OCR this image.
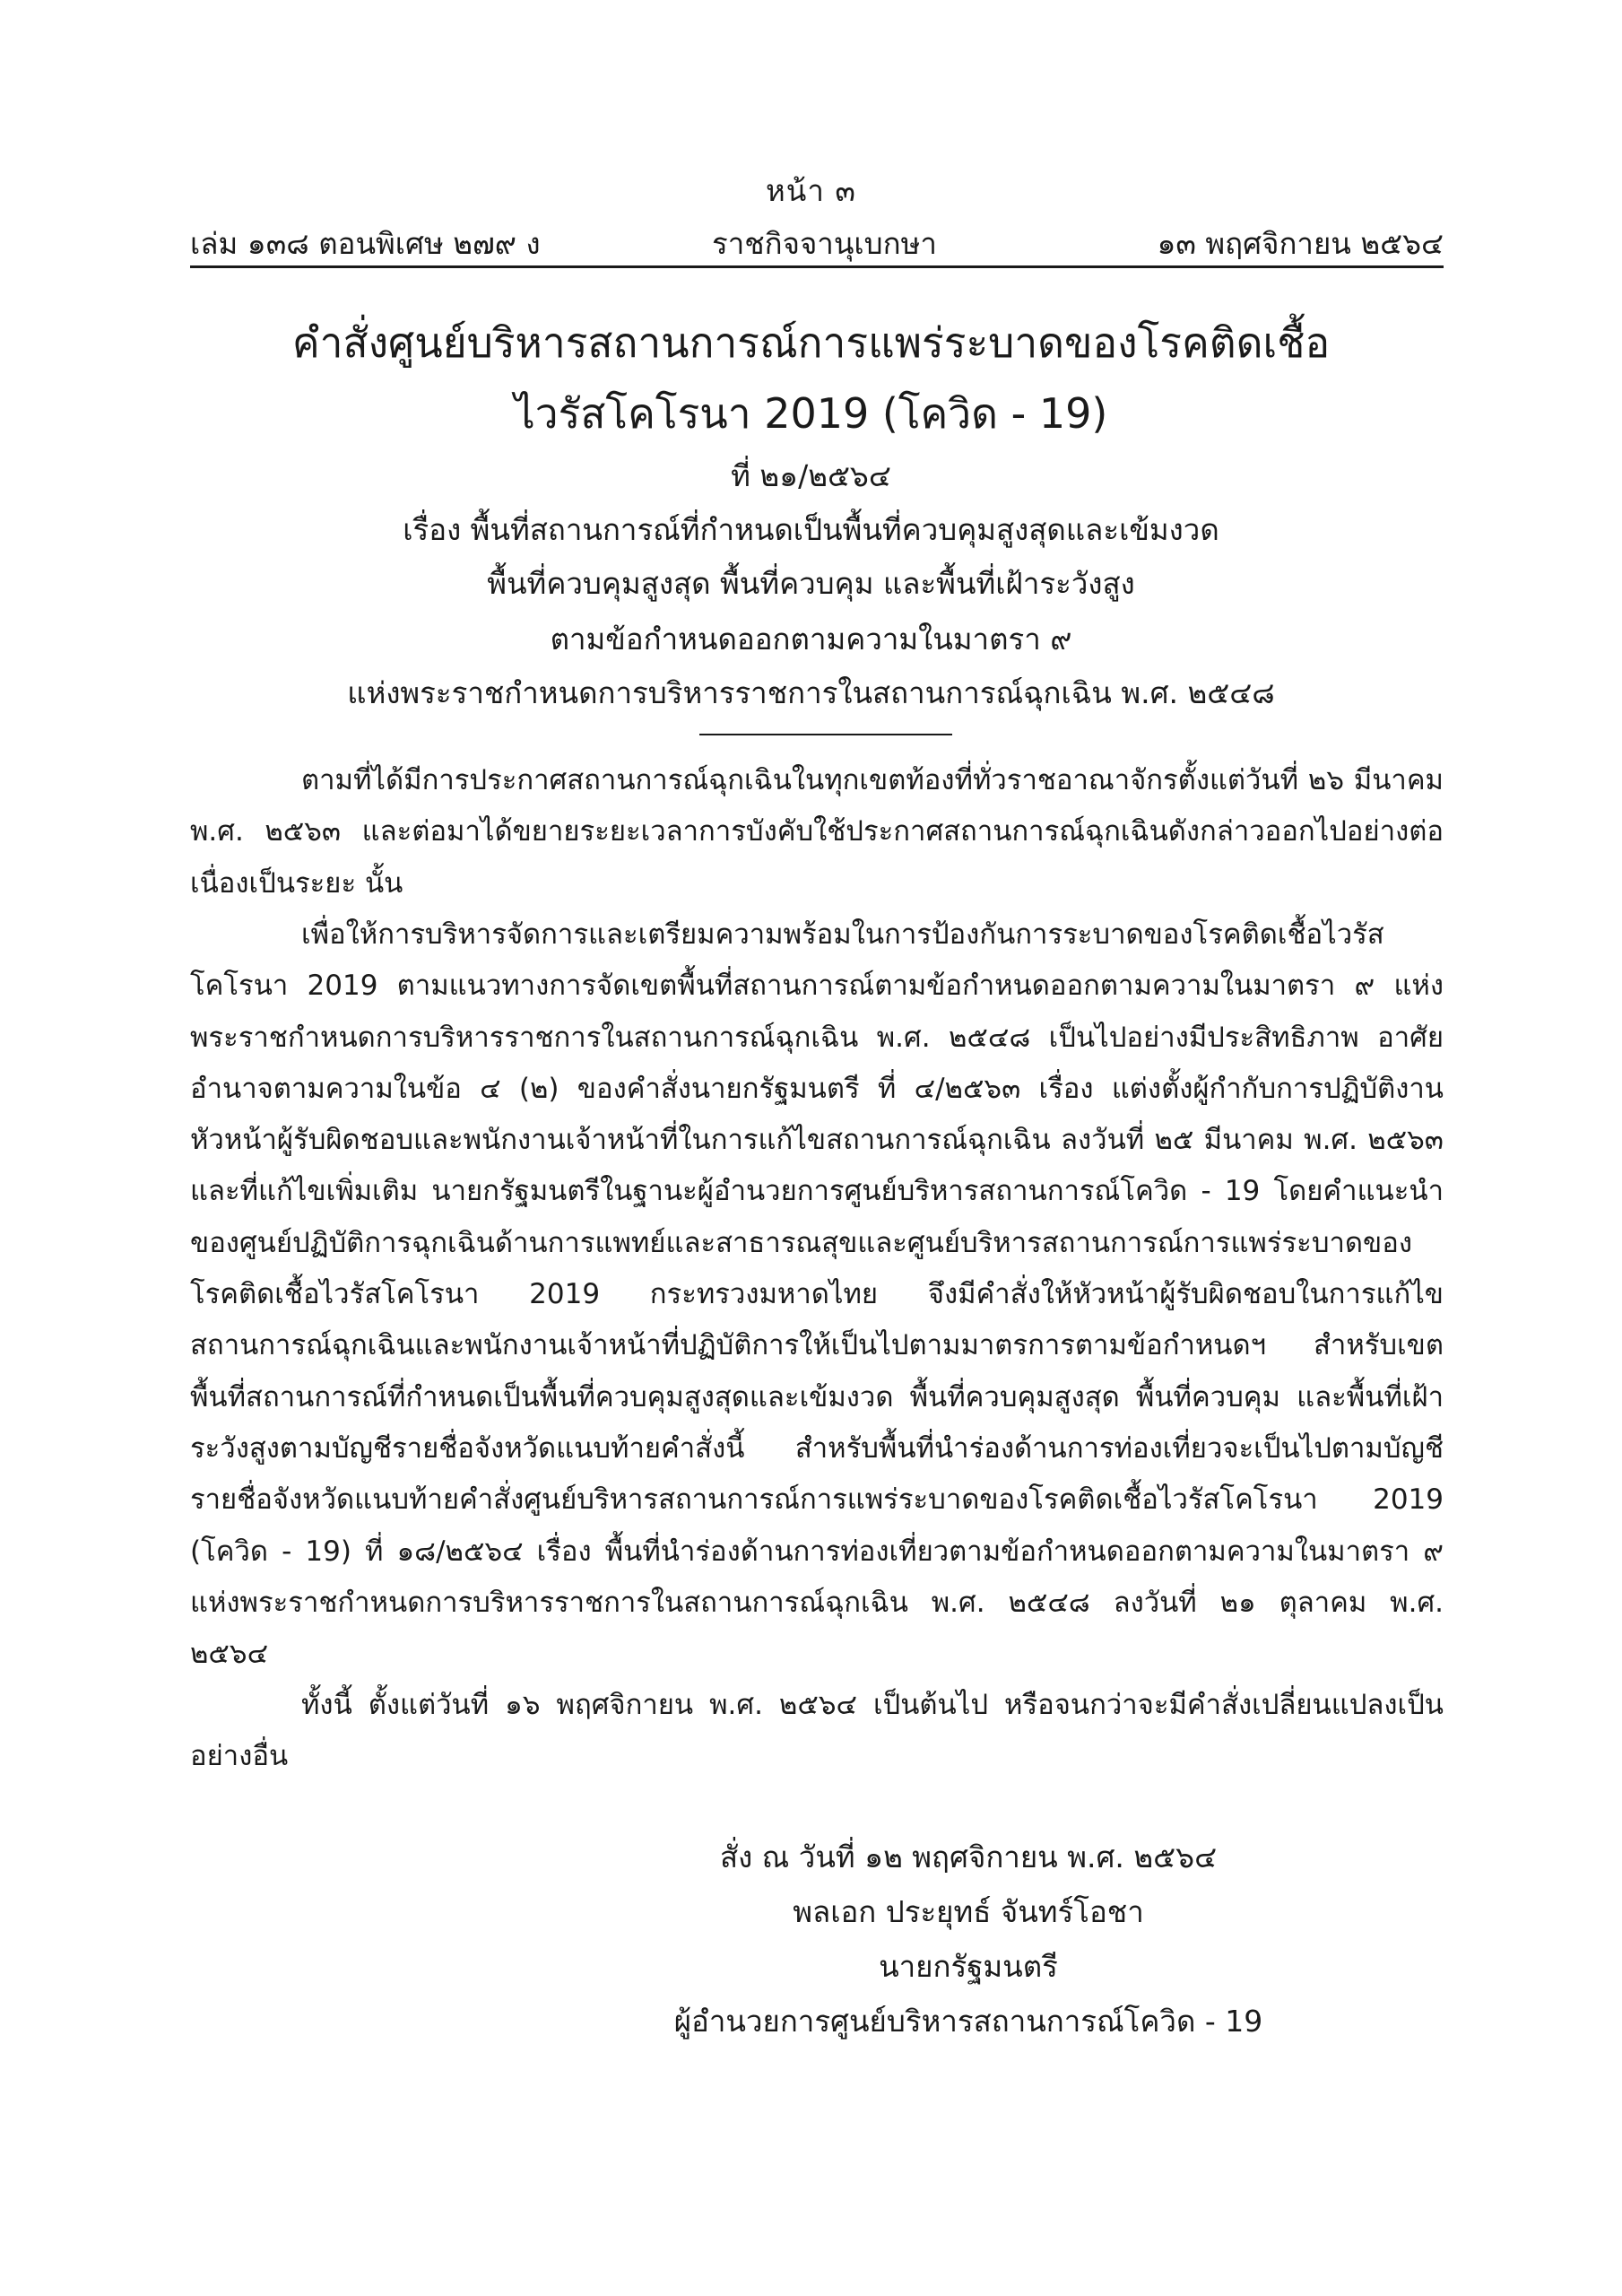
หน้า ๓
เล่ม ๑๓๘ ตอนพิเศษ ๒๗๙ ง	ราชกิจจานุเบกษา	๑๓ พฤศจิกายน ๒๕๖๔
คำสั่งศูนย์บริหารสถานการณ์การแพร่ระบาดของโรคติดเชื้อ
ไวรัสโคโรนา 2019 (โควิด - 19)
ที่ ๒๑/๒๕๖๔
เรื่อง พื้นที่สถานการณ์ที่กำหนดเป็นพื้นที่ควบคุมสูงสุดและเข้มงวด
พื้นที่ควบคุมสูงสุด พื้นที่ควบคุม และพื้นที่เฝ้าระวังสูง
ตามข้อกำหนดออกตามความในมาตรา ๙
แห่งพระราชกำหนดการบริหารราชการในสถานการณ์ฉุกเฉิน พ.ศ. ๒๕๔๘

ตามที่ได้มีการประกาศสถานการณ์ฉุกเฉินในทุกเขตท้องที่ทั่วราชอาณาจักรตั้งแต่วันที่ ๒๖ มีนาคม พ.ศ. ๒๕๖๓ และต่อมาได้ขยายระยะเวลาการบังคับใช้ประกาศสถานการณ์ฉุกเฉินดังกล่าวออกไปอย่างต่อเนื่องเป็นระยะ นั้น

เพื่อให้การบริหารจัดการและเตรียมความพร้อมในการป้องกันการระบาดของโรคติดเชื้อไวรัสโคโรนา 2019 ตามแนวทางการจัดเขตพื้นที่สถานการณ์ตามข้อกำหนดออกตามความในมาตรา ๙ แห่งพระราชกำหนดการบริหารราชการในสถานการณ์ฉุกเฉิน พ.ศ. ๒๕๔๘ เป็นไปอย่างมีประสิทธิภาพ อาศัยอำนาจตามความในข้อ ๔ (๒) ของคำสั่งนายกรัฐมนตรี ที่ ๔/๒๕๖๓ เรื่อง แต่งตั้งผู้กำกับการปฏิบัติงาน หัวหน้าผู้รับผิดชอบและพนักงานเจ้าหน้าที่ในการแก้ไขสถานการณ์ฉุกเฉิน ลงวันที่ ๒๕ มีนาคม พ.ศ. ๒๕๖๓ และที่แก้ไขเพิ่มเติม นายกรัฐมนตรีในฐานะผู้อำนวยการศูนย์บริหารสถานการณ์โควิด - 19 โดยคำแนะนำของศูนย์ปฏิบัติการฉุกเฉินด้านการแพทย์และสาธารณสุขและศูนย์บริหารสถานการณ์การแพร่ระบาดของโรคติดเชื้อไวรัสโคโรนา 2019 กระทรวงมหาดไทย จึงมีคำสั่งให้หัวหน้าผู้รับผิดชอบในการแก้ไขสถานการณ์ฉุกเฉินและพนักงานเจ้าหน้าที่ปฏิบัติการให้เป็นไปตามมาตรการตามข้อกำหนดฯ สำหรับเขตพื้นที่สถานการณ์ที่กำหนดเป็นพื้นที่ควบคุมสูงสุดและเข้มงวด พื้นที่ควบคุมสูงสุด พื้นที่ควบคุม และพื้นที่เฝ้าระวังสูงตามบัญชีรายชื่อจังหวัดแนบท้ายคำสั่งนี้ สำหรับพื้นที่นำร่องด้านการท่องเที่ยวจะเป็นไปตามบัญชีรายชื่อจังหวัดแนบท้ายคำสั่งศูนย์บริหารสถานการณ์การแพร่ระบาดของโรคติดเชื้อไวรัสโคโรนา 2019 (โควิด - 19) ที่ ๑๘/๒๕๖๔ เรื่อง พื้นที่นำร่องด้านการท่องเที่ยวตามข้อกำหนดออกตามความในมาตรา ๙ แห่งพระราชกำหนดการบริหารราชการในสถานการณ์ฉุกเฉิน พ.ศ. ๒๕๔๘ ลงวันที่ ๒๑ ตุลาคม พ.ศ. ๒๕๖๔

ทั้งนี้ ตั้งแต่วันที่ ๑๖ พฤศจิกายน พ.ศ. ๒๕๖๔ เป็นต้นไป หรือจนกว่าจะมีคำสั่งเปลี่ยนแปลงเป็นอย่างอื่น

สั่ง ณ วันที่ ๑๒ พฤศจิกายน พ.ศ. ๒๕๖๔
พลเอก ประยุทธ์ จันทร์โอชา
นายกรัฐมนตรี
ผู้อำนวยการศูนย์บริหารสถานการณ์โควิด - 19
